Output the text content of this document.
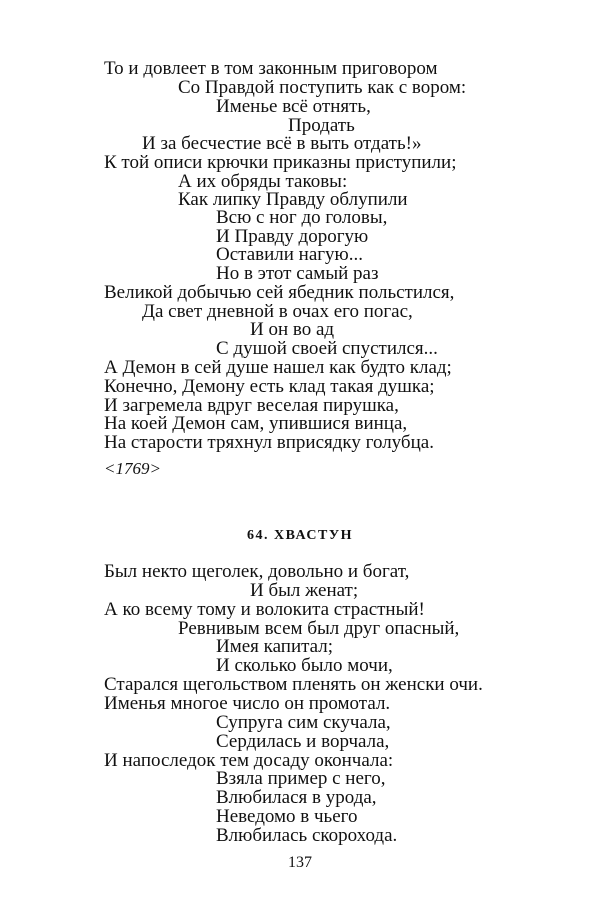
То и довлеет в том законным приговором
Со Правдой поступить как с вором:
Именье всё отнять,
Продать
И за бесчестие всё в выть отдать!»
К той описи крючки приказны приступили;
А их обряды таковы:
Как липку Правду облупили
Всю с ног до головы,
И Правду дорогую
Оставили нагую...
Но в этот самый раз
Великой добычью сей ябедник польстился,
Да свет дневной в очах его погас,
И он во ад
С душой своей спустился...
А Демон в сей душе нашел как будто клад;
Конечно, Демону есть клад такая душка;
И загремела вдруг веселая пирушка,
На коей Демон сам, упившися винца,
На старости тряхнул вприсядку голубца.
<1769>
64. ХВАСТУН
Был некто щеголек, довольно и богат,
И был женат;
А ко всему тому и волокита страстный!
Ревнивым всем был друг опасный,
Имея капитал;
И сколько было мочи,
Старался щегольством пленять он женски очи.
Именья многое число он промотал.
Супруга сим скучала,
Сердилась и ворчала,
И напоследок тем досаду окончала:
Взяла пример с него,
Влюбилася в урода,
Неведомо в чьего
Влюбилась скорохода.
137
